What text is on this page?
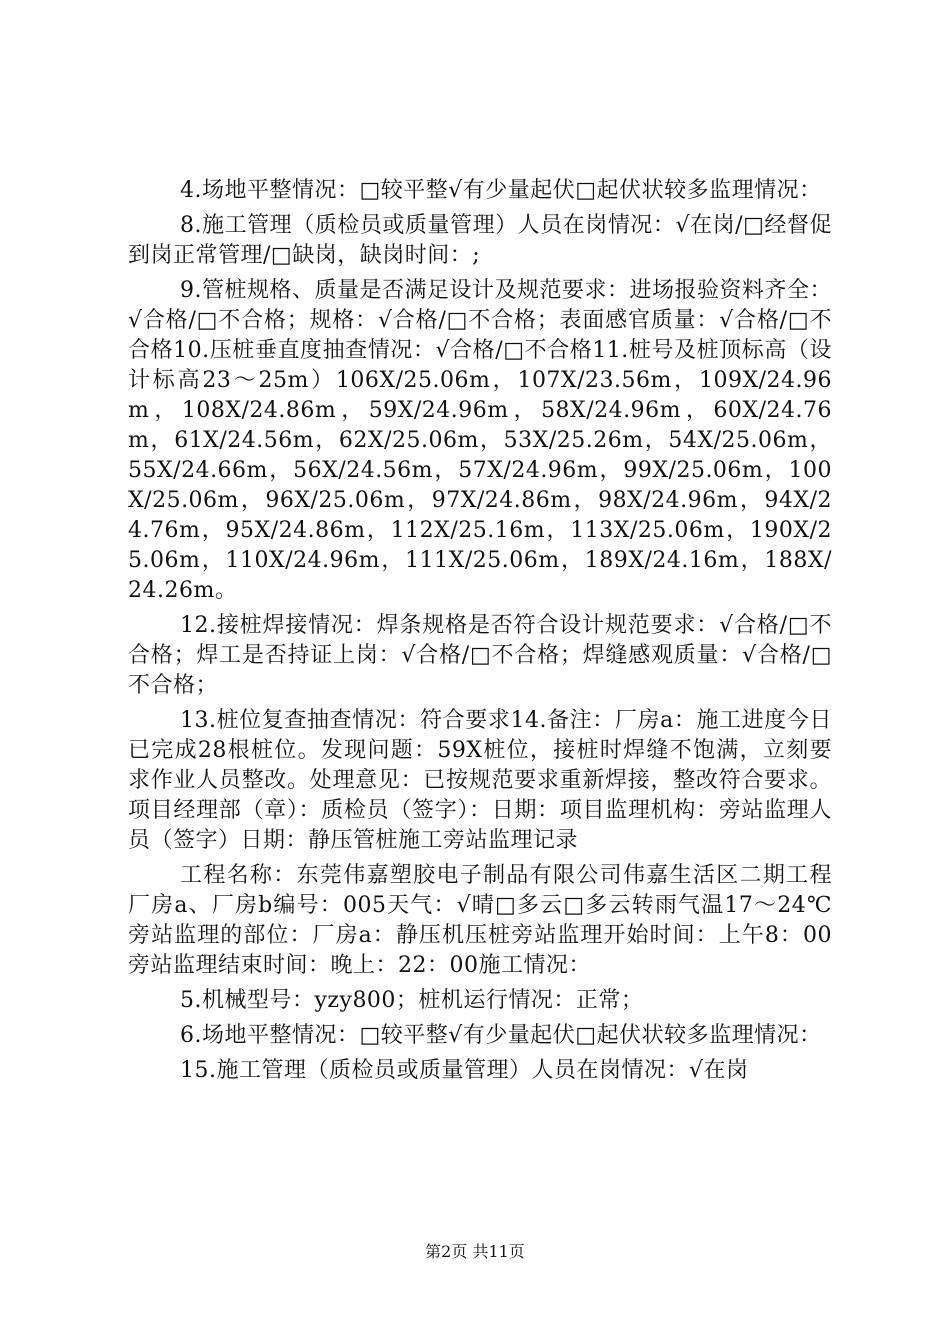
4.场地平整情况：□较平整√有少量起伏□起伏状较多监理情况：

8.施工管理（质检员或质量管理）人员在岗情况：√在岗/□经督促到岗正常管理/□缺岗，缺岗时间：;

9.管桩规格、质量是否满足设计及规范要求：进场报验资料齐全：√合格/□不合格；规格：√合格/□不合格；表面感官质量：√合格/□不合格10.压桩垂直度抽查情况：√合格/□不合格11.桩号及桩顶标高（设计标高23～25m）106X/25.06m，107X/23.56m，109X/24.96m，108X/24.86m，59X/24.96m，58X/24.96m，60X/24.76m，61X/24.56m，62X/25.06m，53X/25.26m，54X/25.06m，55X/24.66m，56X/24.56m，57X/24.96m，99X/25.06m，100X/25.06m，96X/25.06m，97X/24.86m，98X/24.96m，94X/24.76m，95X/24.86m，112X/25.16m，113X/25.06m，190X/25.06m，110X/24.96m，111X/25.06m，189X/24.16m，188X/24.26m。

12.接桩焊接情况：焊条规格是否符合设计规范要求：√合格/□不合格；焊工是否持证上岗：√合格/□不合格；焊缝感观质量：√合格/□不合格；

13.桩位复查抽查情况：符合要求14.备注：厂房a：施工进度今日已完成28根桩位。发现问题：59X桩位，接桩时焊缝不饱满，立刻要求作业人员整改。处理意见：已按规范要求重新焊接，整改符合要求。项目经理部（章）：质检员（签字）：日期：项目监理机构：旁站监理人员（签字）日期：静压管桩施工旁站监理记录

工程名称：东莞伟嘉塑胶电子制品有限公司伟嘉生活区二期工程厂房a、厂房b编号：005天气：√晴□多云□多云转雨气温17～24℃旁站监理的部位：厂房a：静压机压桩旁站监理开始时间：上午8：00旁站监理结束时间：晚上：22：00施工情况：

5.机械型号：yzy800；桩机运行情况：正常；

6.场地平整情况：□较平整√有少量起伏□起伏状较多监理情况：

15.施工管理（质检员或质量管理）人员在岗情况：√在岗

第2页 共11页
